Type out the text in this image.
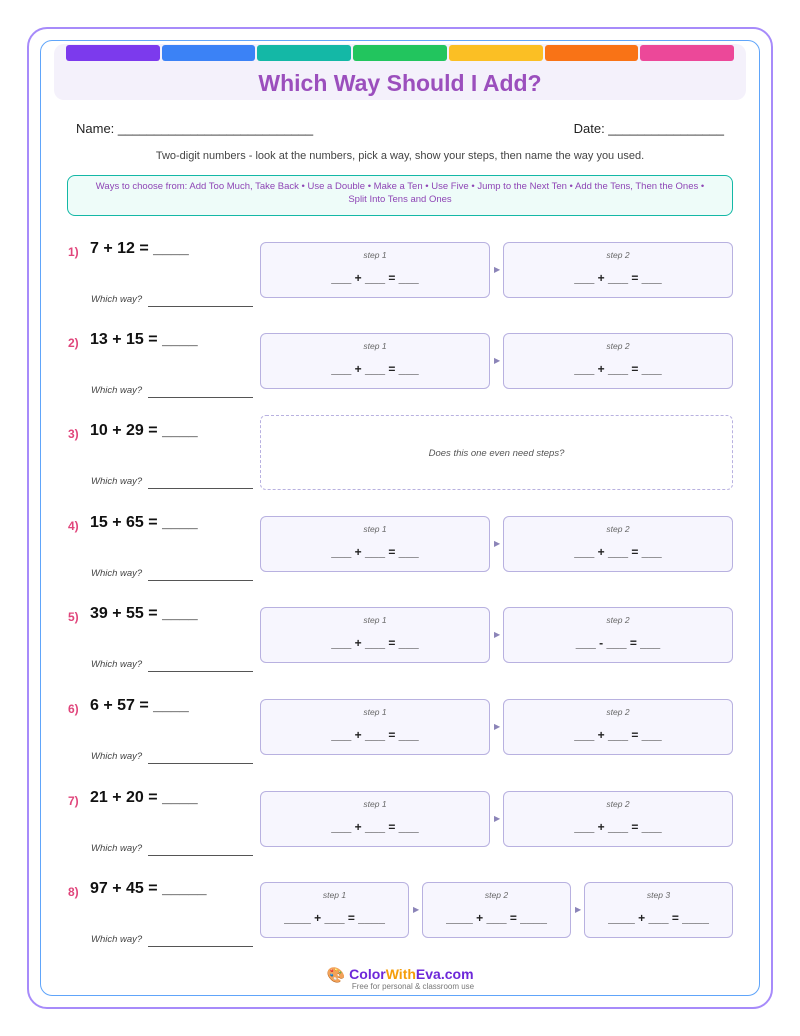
Which Way Should I Add?
Name: ___________________________	Date: ________________
Two-digit numbers - look at the numbers, pick a way, show your steps, then name the way you used.
Ways to choose from: Add Too Much, Take Back • Use a Double • Make a Ten • Use Five • Jump to the Next Ten • Add the Tens, Then the Ones • Split Into Tens and Ones
1) 7 + 12 = ____
Which way?
step 1
___ + ___ = ___
▶
step 2
___ + ___ = ___
2) 13 + 15 = ____
Which way?
step 1
___ + ___ = ___
▶
step 2
___ + ___ = ___
3) 10 + 29 = ____
Which way?
Does this one even need steps?
4) 15 + 65 = ____
Which way?
step 1
___ + ___ = ___
▶
step 2
___ + ___ = ___
5) 39 + 55 = ____
Which way?
step 1
___ + ___ = ___
▶
step 2
___ - ___ = ___
6) 6 + 57 = ____
Which way?
step 1
___ + ___ = ___
▶
step 2
___ + ___ = ___
7) 21 + 20 = ____
Which way?
step 1
___ + ___ = ___
▶
step 2
___ + ___ = ___
8) 97 + 45 = _____
Which way?
step 1
____ + ___ = ____
▶
step 2
____ + ___ = ____
▶
step 3
____ + ___ = ____
🎨 ColorWithEva.com
Free for personal & classroom use
